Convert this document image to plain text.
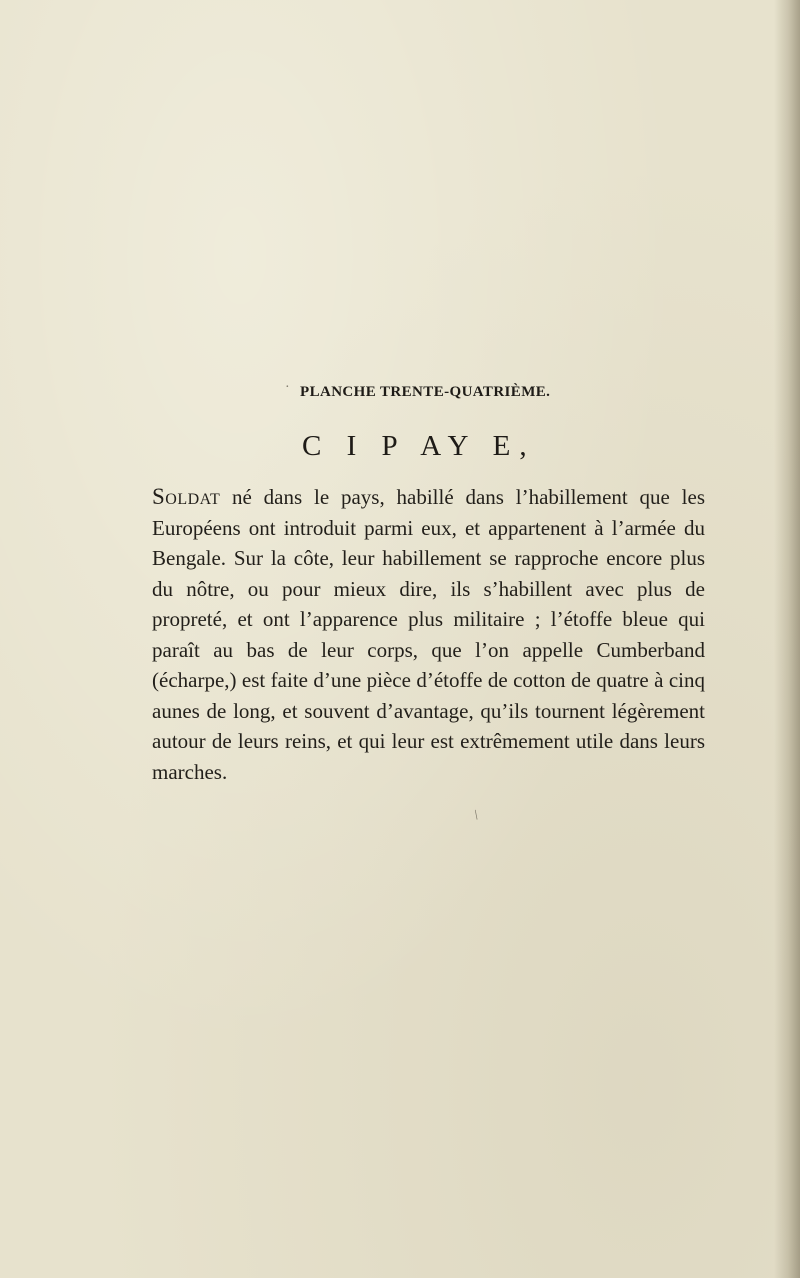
PLANCHE TRENTE-QUATRIÈME.
C I P AY E,
Soldat né dans le pays, habillé dans l’habillement que les Européens ont introduit parmi eux, et appartenent à l’armée du Bengale. Sur la côte, leur habillement se rapproche encore plus du nôtre, ou pour mieux dire, ils s’habillent avec plus de propreté, et ont l’apparence plus militaire ; l’étoffe bleue qui paraît au bas de leur corps, que l’on appelle Cumberband (écharpe,) est faite d’une pièce d’étoffe de cotton de quatre à cinq aunes de long, et souvent d’avantage, qu’ils tournent légèrement autour de leurs reins, et qui leur est extrêmement utile dans leurs marches.
·
/
